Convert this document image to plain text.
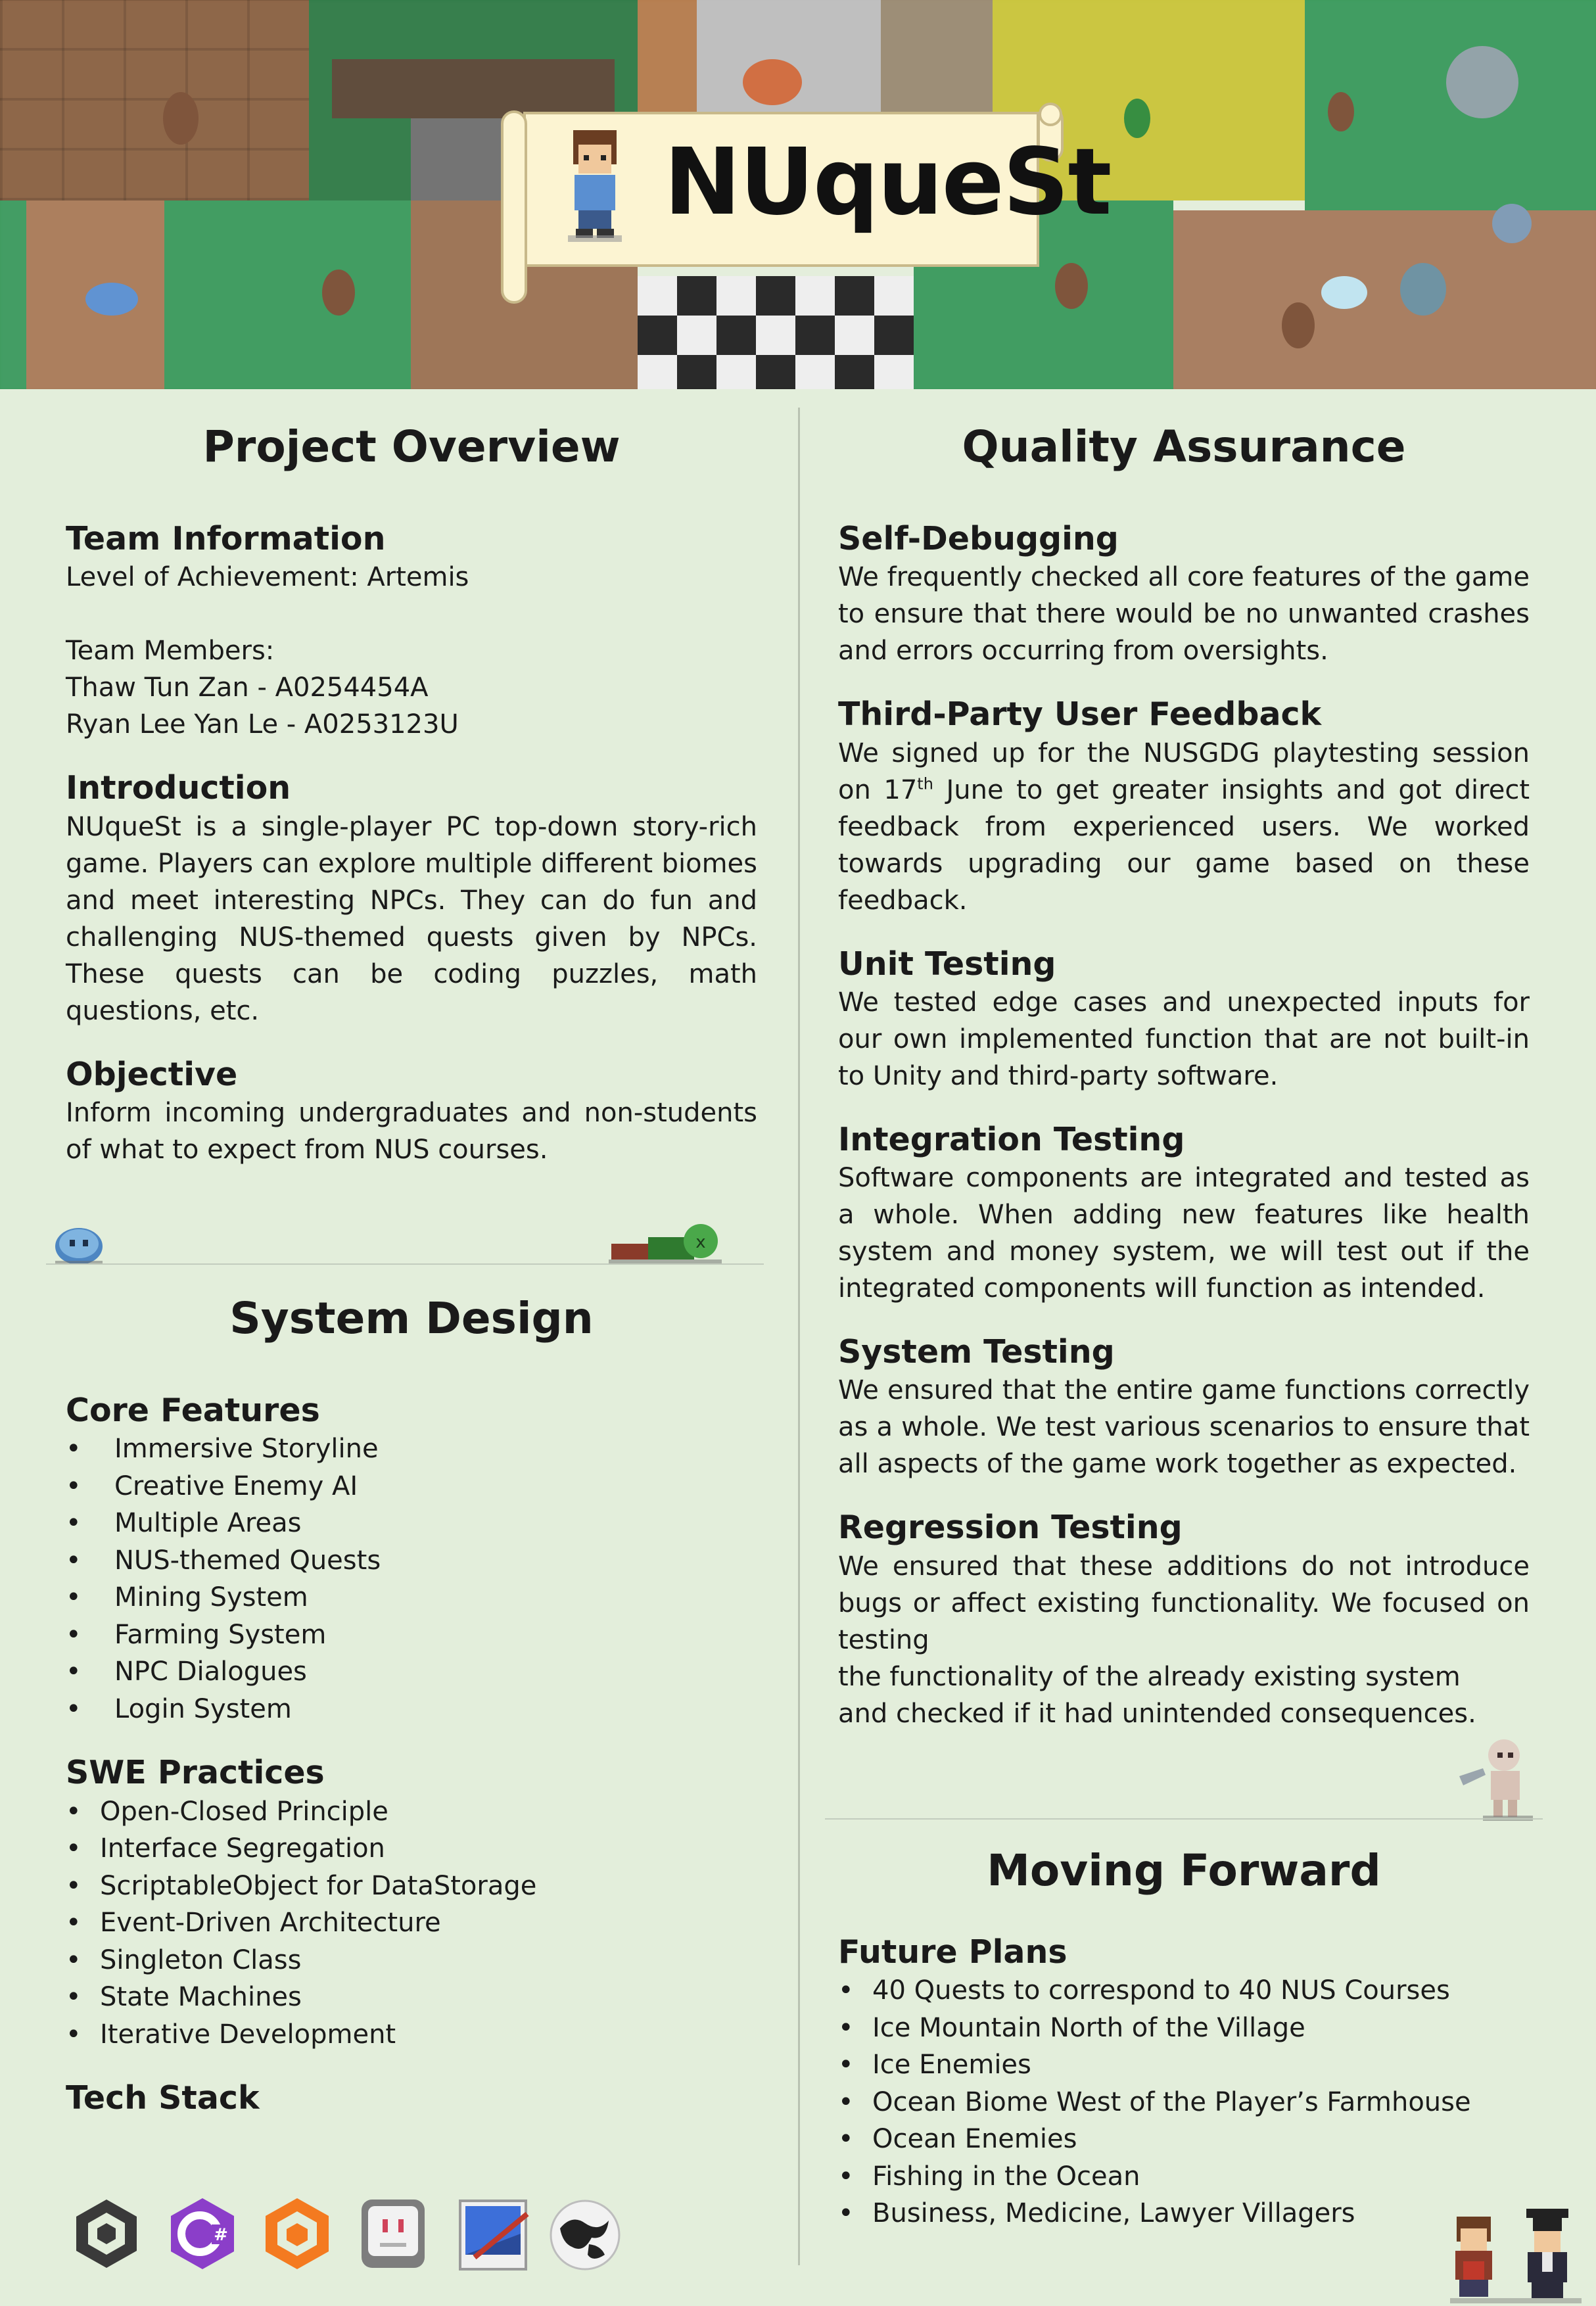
NUqueSt
Project Overview
Team Information
Level of Achievement: Artemis
Team Members:
Thaw Tun Zan - A0254454A
Ryan Lee Yan Le - A0253123U
Introduction

NUqueSt is a single-player PC top-down story-rich game. Players can explore multiple different biomes and meet interesting NPCs. They can do fun and challenging NUS-themed quests given by NPCs. These quests can be coding puzzles, math questions, etc.

Objective

Inform incoming undergraduates and non-students of what to expect from NUS courses.

x
System Design
Core Features
• Immersive Storyline
• Creative Enemy AI
• Multiple Areas
• NUS-themed Quests
• Mining System
• Farming System
• NPC Dialogues
• Login System
SWE Practices
• Open-Closed Principle
• Interface Segregation
• ScriptableObject for DataStorage
• Event-Driven Architecture
• Singleton Class
• State Machines
• Iterative Development
Tech Stack
#
Quality Assurance
Self-Debugging

We frequently checked all core features of the game to ensure that there would be no unwanted crashes and errors occurring from oversights.

Third-Party User Feedback

We signed up for the NUSGDG playtesting session on 17th June to get greater insights and got direct feedback from experienced users. We worked towards upgrading our game based on these feedback.

Unit Testing

We tested edge cases and unexpected inputs for our own implemented function that are not built-in to Unity and third-party software.

Integration Testing

Software components are integrated and tested as a whole. When adding new features like health system and money system, we will test out if the integrated components will function as intended.

System Testing

We ensured that the entire game functions correctly as a whole. We test various scenarios to ensure that all aspects of the game work together as expected.

Regression Testing

We ensured that these additions do not introduce bugs or affect existing functionality. We focused on testing

the functionality of the already existing system
and checked if it had unintended consequences.
Moving Forward
Future Plans
• 40 Quests to correspond to 40 NUS Courses
• Ice Mountain North of the Village
• Ice Enemies
• Ocean Biome West of the Player’s Farmhouse
• Ocean Enemies
• Fishing in the Ocean
• Business, Medicine, Lawyer Villagers
